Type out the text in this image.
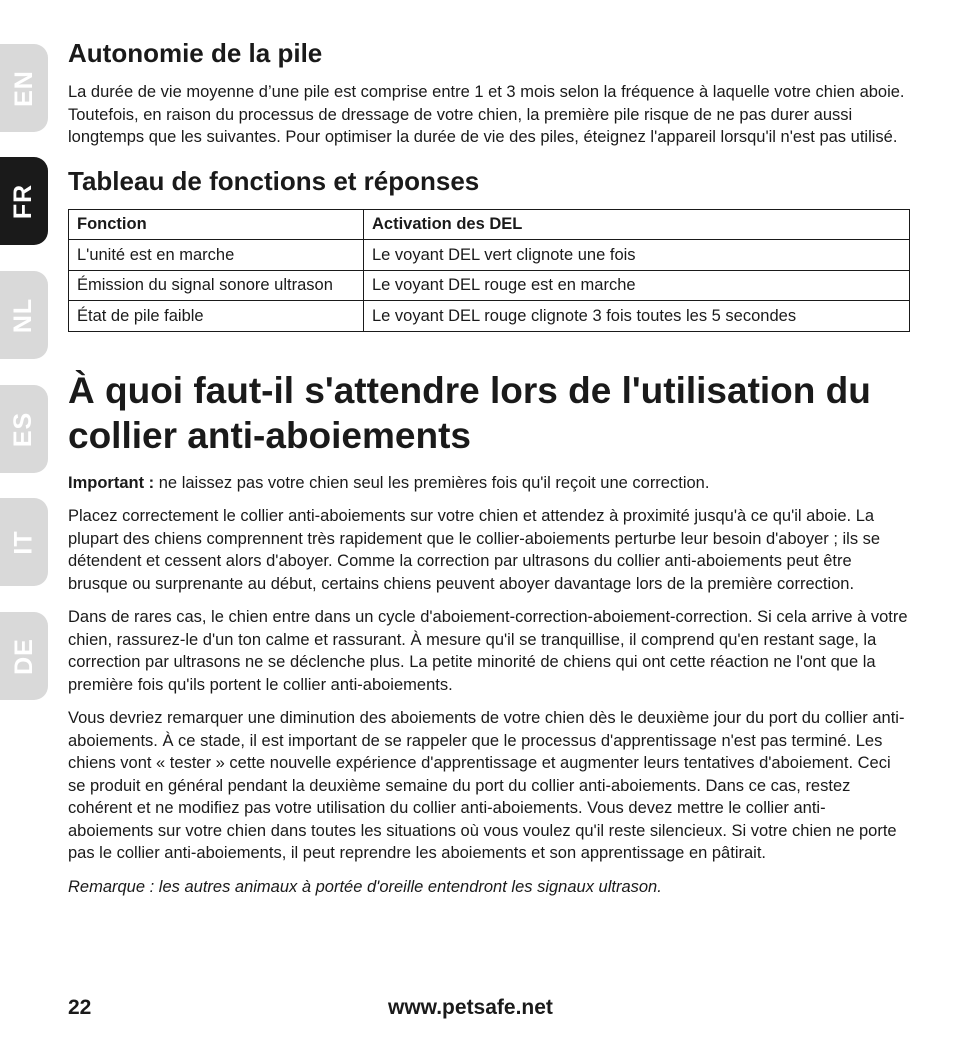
EN
FR
NL
ES
IT
DE
Autonomie de la pile

La durée de vie moyenne d’une pile est comprise entre 1 et 3 mois selon la fréquence à laquelle votre chien aboie. Toutefois, en raison du processus de dressage de votre chien, la première pile risque de ne pas durer aussi longtemps que les suivantes. Pour optimiser la durée de vie des piles, éteignez l'appareil lorsqu'il n'est pas utilisé.

Tableau de fonctions et réponses
Fonction	Activation des DEL
L'unité est en marche	Le voyant DEL vert clignote une fois
Émission du signal sonore ultrason	Le voyant DEL rouge est en marche
État de pile faible	Le voyant DEL rouge clignote 3 fois toutes les 5 secondes
À quoi faut-il s'attendre lors de l'utilisation du collier anti-aboiements

Important : ne laissez pas votre chien seul les premières fois qu'il reçoit une correction.

Placez correctement le collier anti-aboiements sur votre chien et attendez à proximité jusqu'à ce qu'il aboie. La plupart des chiens comprennent très rapidement que le collier-aboiements perturbe leur besoin d'aboyer ; ils se détendent et cessent alors d'aboyer. Comme la correction par ultrasons du collier anti-aboiements peut être brusque ou surprenante au début, certains chiens peuvent aboyer davantage lors de la première correction.

Dans de rares cas, le chien entre dans un cycle d'aboiement-correction-aboiement-correction. Si cela arrive à votre chien, rassurez-le d'un ton calme et rassurant. À mesure qu'il se tranquillise, il comprend qu'en restant sage, la correction par ultrasons ne se déclenche plus. La petite minorité de chiens qui ont cette réaction ne l'ont que la première fois qu'ils portent le collier anti-aboiements.

Vous devriez remarquer une diminution des aboiements de votre chien dès le deuxième jour du port du collier anti-aboiements. À ce stade, il est important de se rappeler que le processus d'apprentissage n'est pas terminé. Les chiens vont « tester » cette nouvelle expérience d'apprentissage et augmenter leurs tentatives d'aboiement. Ceci se produit en général pendant la deuxième semaine du port du collier anti-aboiements. Dans ce cas, restez cohérent et ne modifiez pas votre utilisation du collier anti-aboiements. Vous devez mettre le collier anti-aboiements sur votre chien dans toutes les situations où vous voulez qu'il reste silencieux. Si votre chien ne porte pas le collier anti-aboiements, il peut reprendre les aboiements et son apprentissage en pâtirait.

Remarque : les autres animaux à portée d'oreille entendront les signaux ultrason.

22	www.petsafe.net
